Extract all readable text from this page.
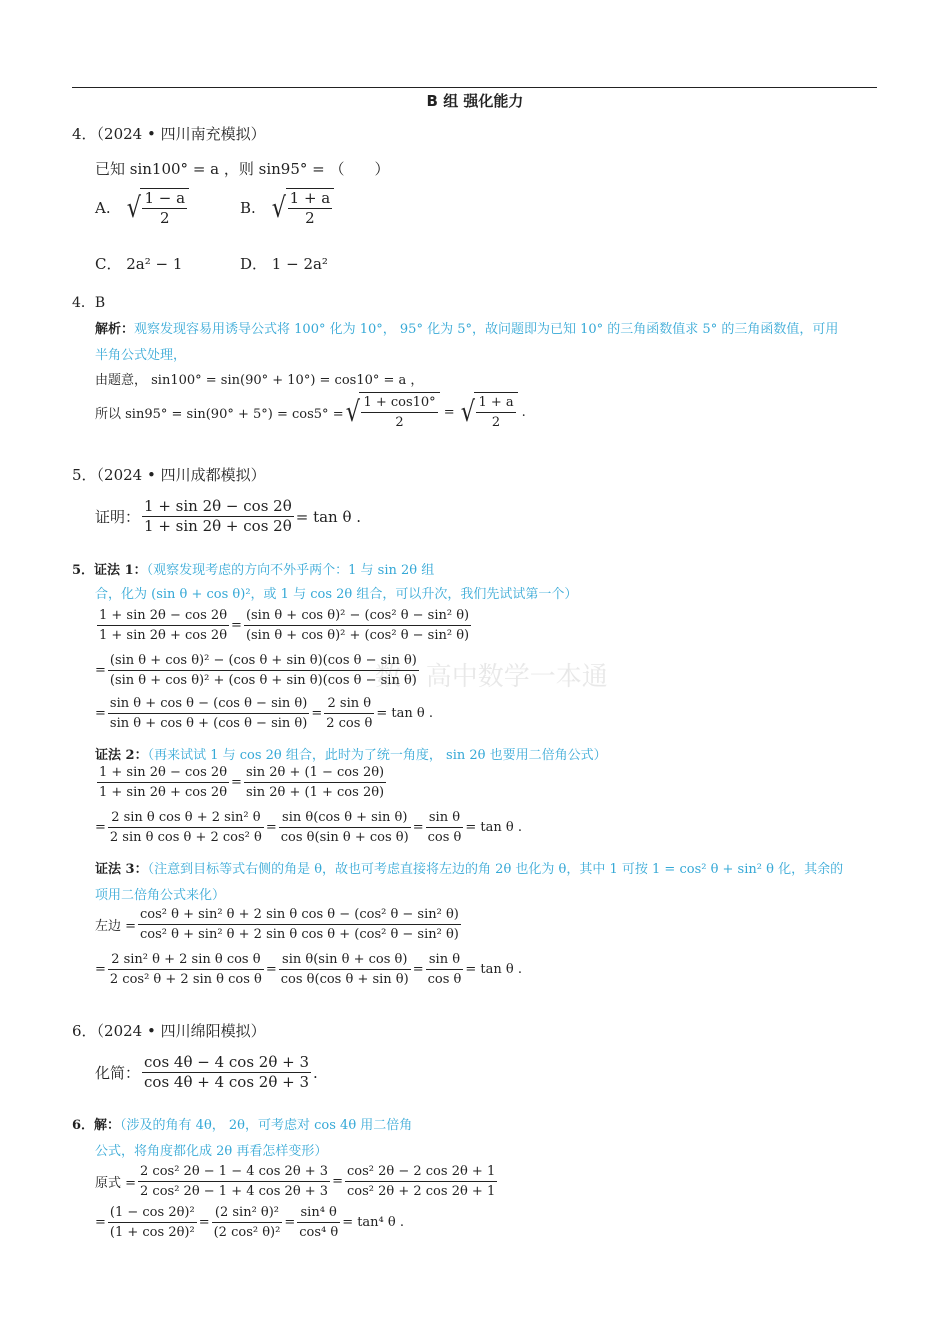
B 组 强化能力
数 · 高中数学一本通
4．（2024 • 四川南充模拟）
已知 sin100° = a ，则 sin95° = （　　）
A. √ $\frac{1 - a}{2}$	B. √ $\frac{1 + a}{2}$
C． 2a² − 1	D． 1 − 2a²
4．B
解析：观察发现容易用诱导公式将 100° 化为 10°， 95° 化为 5°，故问题即为已知 10° 的三角函数值求 5° 的三角函数值，可用
半角公式处理，
由题意， sin100° = sin(90° + 10°) = cos10° = a ，
所以 sin95° = sin(90° + 5°) = cos5° = √ $\frac{1 + \cos 10^\circ}{2}$ = √ $\frac{1 + a}{2}$ .
5．（2024 • 四川成都模拟）
证明： $\frac{1 + \sin 2\theta - \cos 2\theta}{1 + \sin 2\theta + \cos 2\theta} = \tan \theta$ .
5．证法 1：（观察发现考虑的方向不外乎两个：1 与 sin 2θ 组
合，化为 (sin θ + cos θ)²，或 1 与 cos 2θ 组合，可以升次，我们先试试第一个）
$\frac{1 + \sin 2\theta - \cos 2\theta}{1 + \sin 2\theta + \cos 2\theta} = \frac{\text{(sin θ + cos θ)² − (cos² θ − sin² θ)}}{\text{(sin θ + cos θ)² + (cos² θ − sin² θ)}}$
= $\frac{\text{(sin θ + cos θ)² − (cos θ + sin θ)(cos θ − sin θ)}}{\text{(sin θ + cos θ)² + (cos θ + sin θ)(cos θ − sin θ)}}$
= $\frac{\text{sin θ + cos θ − (cos θ − sin θ)}}{\text{sin θ + cos θ + (cos θ − sin θ)}} = \frac{\text{2 sin θ}}{\text{2 cos θ}} = \tan \theta$ .
证法 2：（再来试试 1 与 cos 2θ 组合，此时为了统一角度， sin 2θ 也要用二倍角公式）
$\frac{1 + \sin 2\theta - \cos 2\theta}{1 + \sin 2\theta + \cos 2\theta} = \frac{\sin 2\theta + (1 - \cos 2\theta)}{\sin 2\theta + (1 + \cos 2\theta)}$
= $\frac{\text{2 sin θ cos θ + 2 sin² θ}}{\text{2 sin θ cos θ + 2 cos² θ}} = \frac{\text{sin θ(cos θ + sin θ)}}{\text{cos θ(sin θ + cos θ)}} = \frac{\text{sin θ}}{\text{cos θ}} = \tan \theta$ .
证法 3：（注意到目标等式右侧的角是 θ，故也可考虑直接将左边的角 2θ 也化为 θ，其中 1 可按 1 = cos² θ + sin² θ 化，其余的
项用二倍角公式来化）
左边 = $\frac{\text{cos² θ + sin² θ + 2 sin θ cos θ − (cos² θ − sin² θ)}}{\text{cos² θ + sin² θ + 2 sin θ cos θ + (cos² θ − sin² θ)}}$
= $\frac{\text{2 sin² θ + 2 sin θ cos θ}}{\text{2 cos² θ + 2 sin θ cos θ}} = \frac{\text{sin θ(sin θ + cos θ)}}{\text{cos θ(cos θ + sin θ)}} = \frac{\text{sin θ}}{\text{cos θ}} = \tan \theta$ .
6．（2024 • 四川绵阳模拟）
化简： $\frac{\cos 4\theta - 4 \cos 2\theta + 3}{\cos 4\theta + 4 \cos 2\theta + 3}$ .
6．解：（涉及的角有 4θ， 2θ，可考虑对 cos 4θ 用二倍角
公式，将角度都化成 2θ 再看怎样变形）
原式 = $\frac{\text{2 cos² 2θ − 1 − 4 cos 2θ + 3}}{\text{2 cos² 2θ − 1 + 4 cos 2θ + 3}} = \frac{\text{cos² 2θ − 2 cos 2θ + 1}}{\text{cos² 2θ + 2 cos 2θ + 1}}$
= $\frac{\text{(1 − cos 2θ)²}}{\text{(1 + cos 2θ)²}} = \frac{\text{(2 sin² θ)²}}{\text{(2 cos² θ)²}} = \frac{\text{sin⁴ θ}}{\text{cos⁴ θ}} = \tan^4$ θ .
